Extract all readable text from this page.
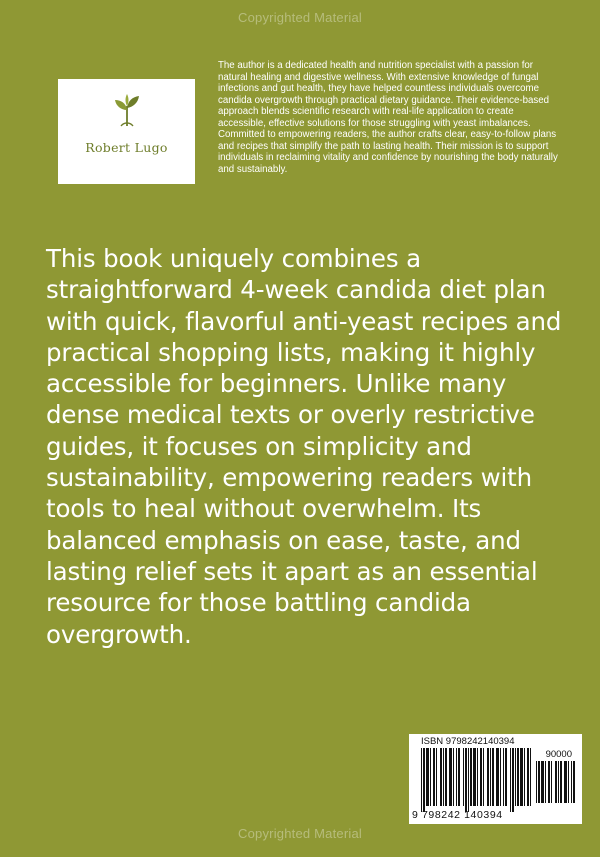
Copyrighted Material
Robert Lugo

The author is a dedicated health and nutrition specialist with a passion for natural healing and digestive wellness. With extensive knowledge of fungal infections and gut health, they have helped countless individuals overcome candida overgrowth through practical dietary guidance. Their evidence-based approach blends scientific research with real-life application to create accessible, effective solutions for those struggling with yeast imbalances. Committed to empowering readers, the author crafts clear, easy-to-follow plans and recipes that simplify the path to lasting health. Their mission is to support individuals in reclaiming vitality and confidence by nourishing the body naturally and sustainably.

This book uniquely combines a straightforward 4-week candida diet plan with quick, flavorful anti-yeast recipes and practical shopping lists, making it highly accessible for beginners. Unlike many dense medical texts or overly restrictive guides, it focuses on simplicity and sustainability, empowering readers with tools to heal without overwhelm. Its balanced emphasis on ease, taste, and lasting relief sets it apart as an essential resource for those battling candida overgrowth.

ISBN 9798242140394
90000
9 798242 140394
Copyrighted Material
